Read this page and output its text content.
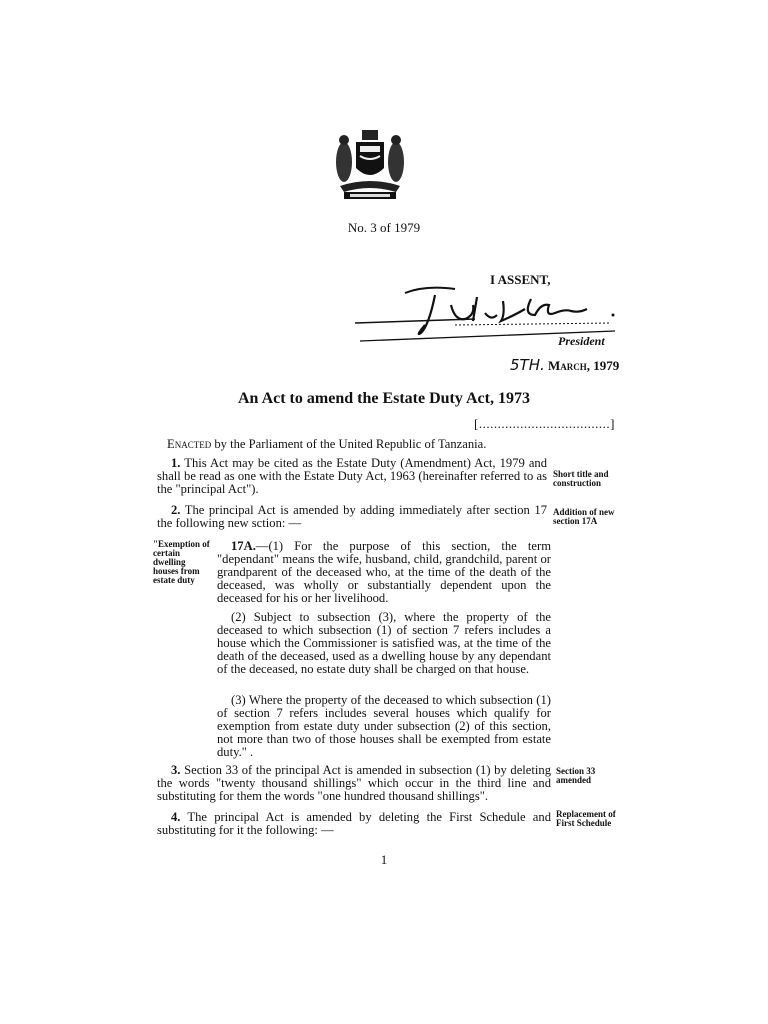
No. 3 of 1979
I ASSENT,
President
5TH. March, 1979
An Act to amend the Estate Duty Act, 1973
[...................................]
Enacted by the Parliament of the United Republic of Tanzania.
1. This Act may be cited as the Estate Duty (Amendment) Act, 1979 and shall be read as one with the Estate Duty Act, 1963 (hereinafter referred to as the "principal Act").
Short title and construction
2. The principal Act is amended by adding immediately after section 17 the following new sction: —
Addition of new section 17A
"Exemption of certain dwelling houses from estate duty
17A.—(1) For the purpose of this section, the term "dependant" means the wife, husband, child, grandchild, parent or grandparent of the deceased who, at the time of the death of the deceased, was wholly or substantially dependent upon the deceased for his or her livelihood.
(2) Subject to subsection (3), where the property of the deceased to which subsection (1) of section 7 refers includes a house which the Commissioner is satisfied was, at the time of the death of the deceased, used as a dwelling house by any dependant of the deceased, no estate duty shall be charged on that house.
(3) Where the property of the deceased to which subsection (1) of section 7 refers includes several houses which qualify for exemption from estate duty under subsection (2) of this section, not more than two of those houses shall be exempted from estate duty." .
3. Section 33 of the principal Act is amended in subsection (1) by deleting the words "twenty thousand shillings" which occur in the third line and substituting for them the words "one hundred thousand shillings".
Section 33 amended
4. The principal Act is amended by deleting the First Schedule and substituting for it the following: —
Replacement of First Schedule
1
